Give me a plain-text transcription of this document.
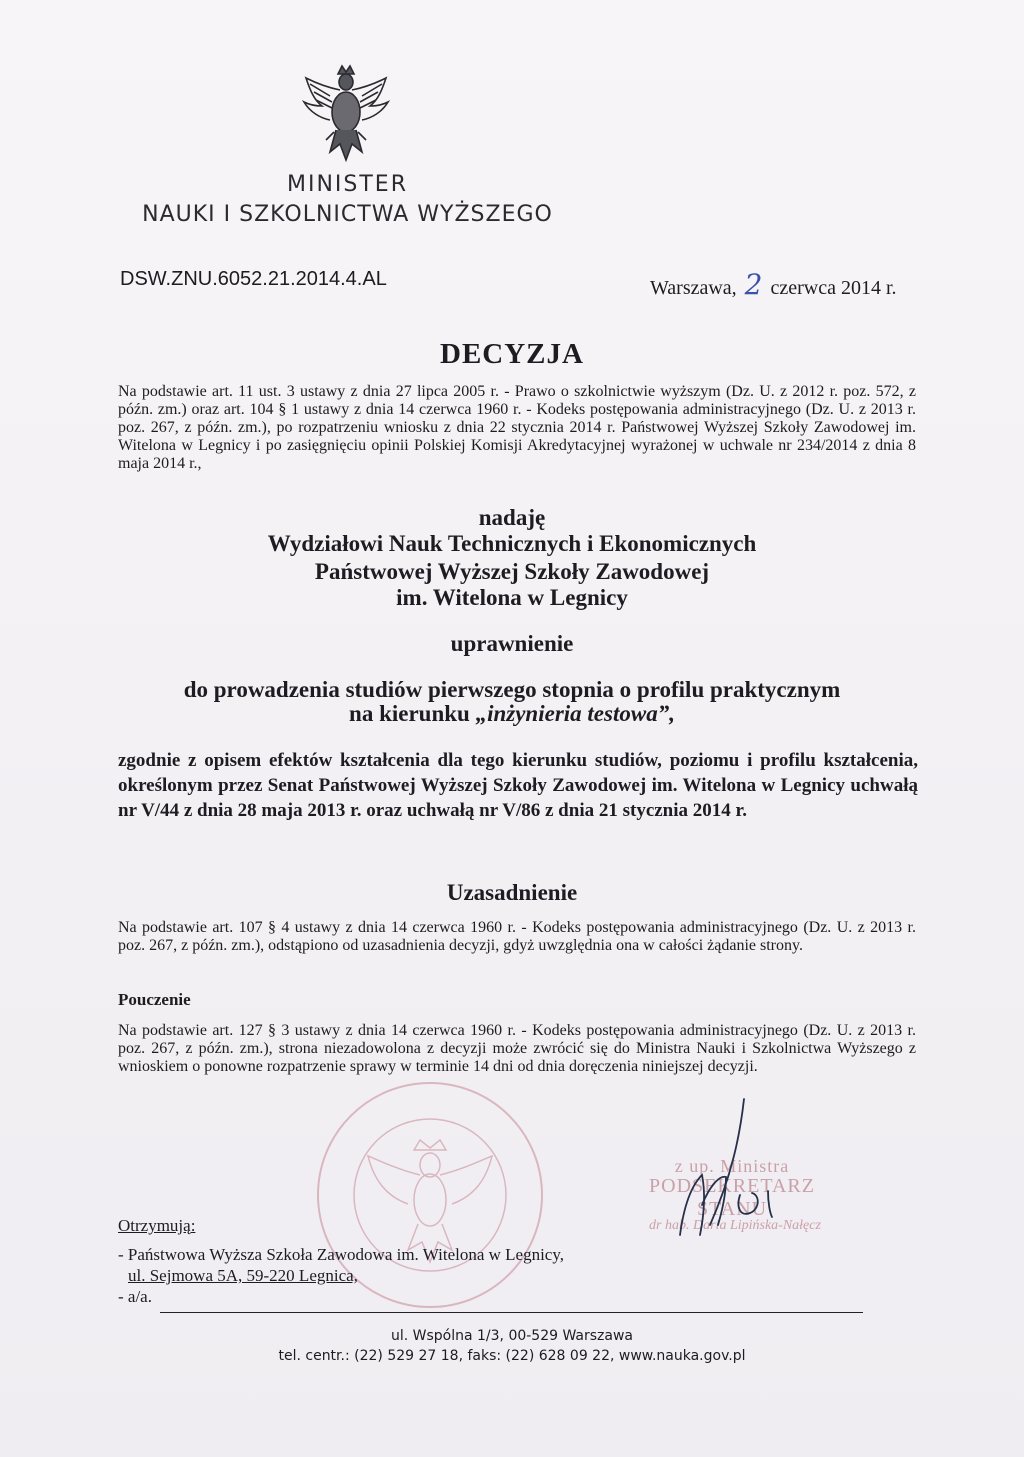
MINISTER
NAUKI I SZKOLNICTWA WYŻSZEGO
DSW.ZNU.6052.21.2014.4.AL	Warszawa, 2 czerwca 2014 r.
DECYZJA
Na podstawie art. 11 ust. 3 ustawy z dnia 27 lipca 2005 r. - Prawo o szkolnictwie wyższym (Dz. U. z 2012 r. poz. 572, z późn. zm.) oraz art. 104 § 1 ustawy z dnia 14 czerwca 1960 r. - Kodeks postępowania administracyjnego (Dz. U. z 2013 r. poz. 267, z późn. zm.), po rozpatrzeniu wniosku z dnia 22 stycznia 2014 r. Państwowej Wyższej Szkoły Zawodowej im. Witelona w Legnicy i po zasięgnięciu opinii Polskiej Komisji Akredytacyjnej wyrażonej w uchwale nr 234/2014 z dnia 8 maja 2014 r.,
nadaję
Wydziałowi Nauk Technicznych i Ekonomicznych
Państwowej Wyższej Szkoły Zawodowej
im. Witelona w Legnicy
uprawnienie
do prowadzenia studiów pierwszego stopnia o profilu praktycznym
na kierunku „inżynieria testowa”,
zgodnie z opisem efektów kształcenia dla tego kierunku studiów, poziomu i profilu kształcenia, określonym przez Senat Państwowej Wyższej Szkoły Zawodowej im. Witelona w Legnicy uchwałą nr V/44 z dnia 28 maja 2013 r. oraz uchwałą nr V/86 z dnia 21 stycznia 2014 r.
Uzasadnienie
Na podstawie art. 107 § 4 ustawy z dnia 14 czerwca 1960 r. - Kodeks postępowania administracyjnego (Dz. U. z 2013 r. poz. 267, z późn. zm.), odstąpiono od uzasadnienia decyzji, gdyż uwzględnia ona w całości żądanie strony.
Pouczenie
Na podstawie art. 127 § 3 ustawy z dnia 14 czerwca 1960 r. - Kodeks postępowania administracyjnego (Dz. U. z 2013 r. poz. 267, z późn. zm.), strona niezadowolona z decyzji może zwrócić się do Ministra Nauki i Szkolnictwa Wyższego z wnioskiem o ponowne rozpatrzenie sprawy w terminie 14 dni od dnia doręczenia niniejszej decyzji.
z up. Ministra
PODSEKRETARZ STANU
dr hab. Daria Lipińska-Nałęcz
Otrzymują:
- Państwowa Wyższa Szkoła Zawodowa im. Witelona w Legnicy,
ul. Sejmowa 5A, 59-220 Legnica,
- a/a.
ul. Wspólna 1/3, 00-529 Warszawa
tel. centr.: (22) 529 27 18, faks: (22) 628 09 22, www.nauka.gov.pl
